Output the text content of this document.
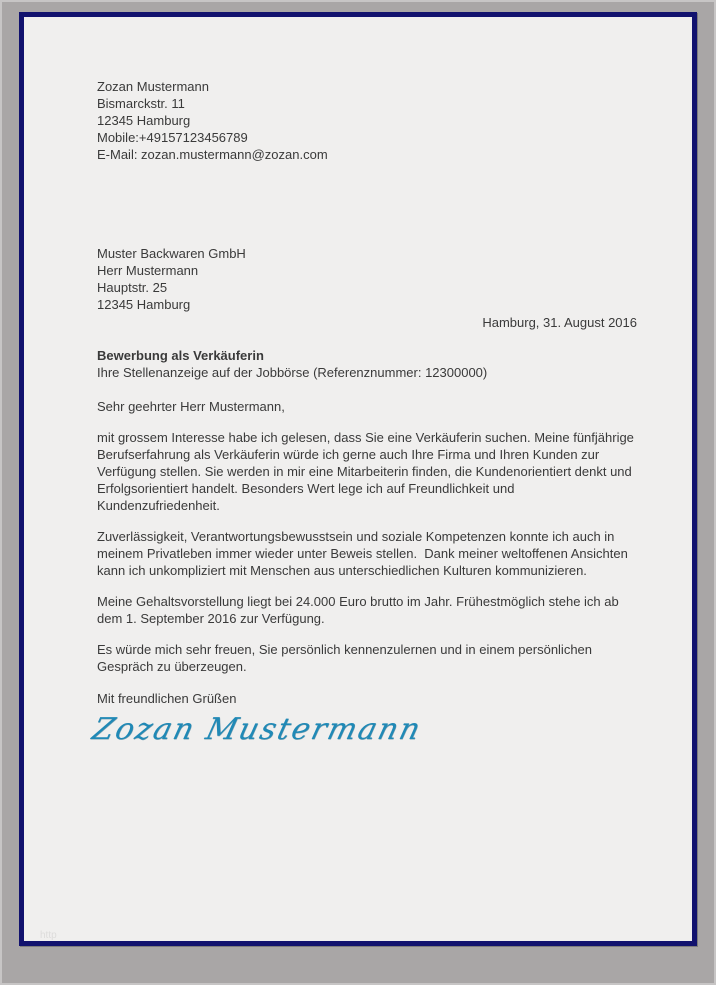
Zozan Mustermann
Bismarckstr. 11
12345 Hamburg
Mobile:+49157123456789
E-Mail: zozan.mustermann@zozan.com
Muster Backwaren GmbH
Herr Mustermann
Hauptstr. 25
12345 Hamburg
Hamburg, 31. August 2016
Bewerbung als Verkäuferin
Ihre Stellenanzeige auf der Jobbörse (Referenznummer: 12300000)
Sehr geehrter Herr Mustermann,

mit grossem Interesse habe ich gelesen, dass Sie eine Verkäuferin suchen. Meine fünfjährige Berufserfahrung als Verkäuferin würde ich gerne auch Ihre Firma und Ihren Kunden zur Verfügung stellen. Sie werden in mir eine Mitarbeiterin finden, die Kundenorientiert denkt und Erfolgsorientiert handelt. Besonders Wert lege ich auf Freundlichkeit und Kundenzufriedenheit.

Zuverlässigkeit, Verantwortungsbewusstsein und soziale Kompetenzen konnte ich auch in meinem Privatleben immer wieder unter Beweis stellen.  Dank meiner weltoffenen Ansichten kann ich unkompliziert mit Menschen aus unterschiedlichen Kulturen kommunizieren.

Meine Gehaltsvorstellung liegt bei 24.000 Euro brutto im Jahr. Frühestmöglich stehe ich ab dem 1. September 2016 zur Verfügung.

Es würde mich sehr freuen, Sie persönlich kennenzulernen und in einem persönlichen Gespräch zu überzeugen.

Mit freundlichen Grüßen
Zozan Mustermann
http
